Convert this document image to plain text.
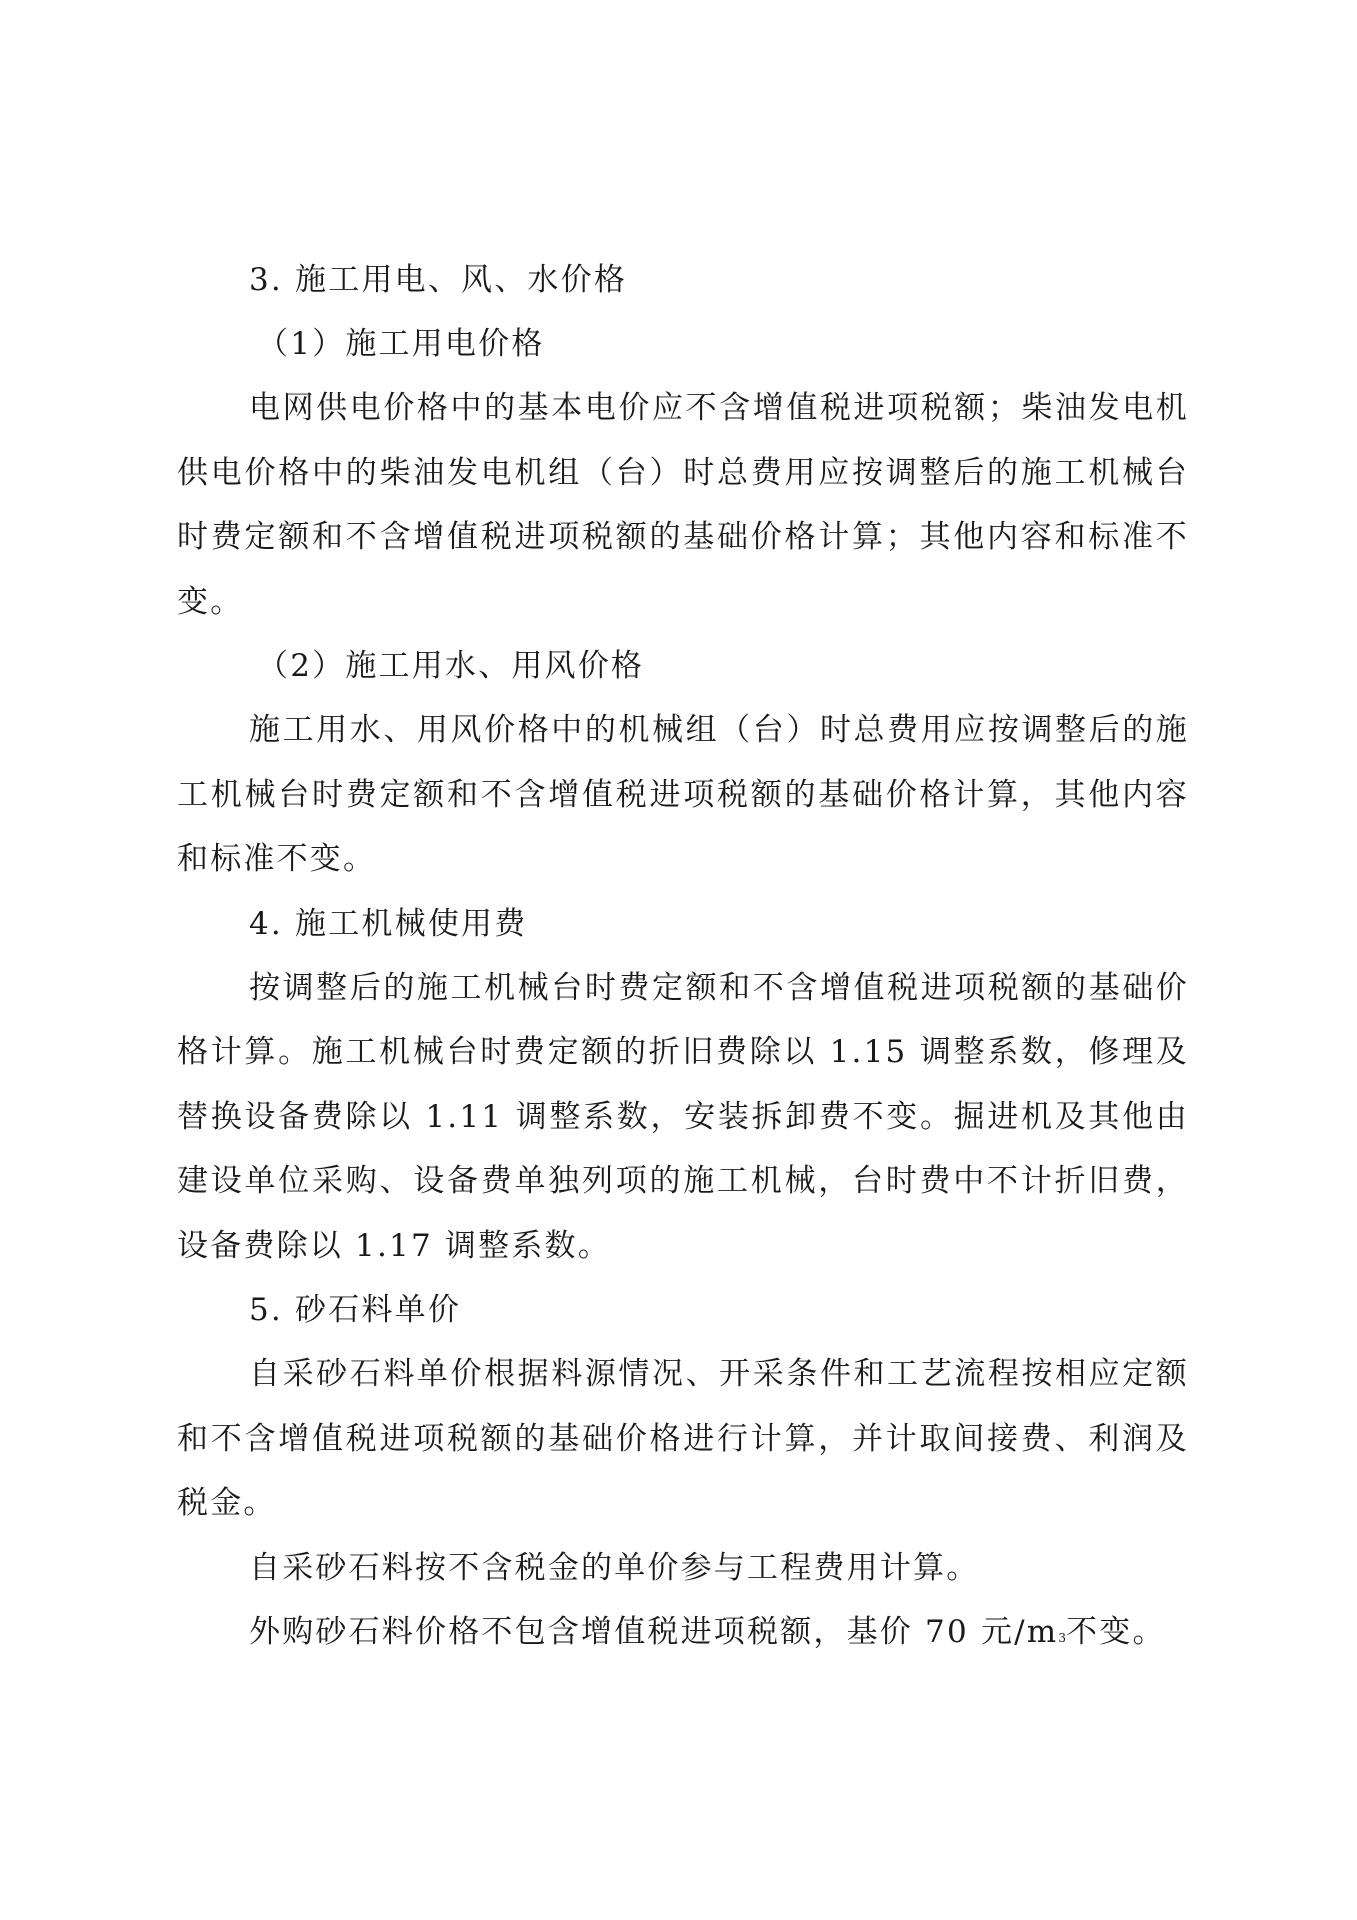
3. 施工用电、风、水价格
（1）施工用电价格
电网供电价格中的基本电价应不含增值税进项税额；柴油发电机供电价格中的柴油发电机组（台）时总费用应按调整后的施工机械台时费定额和不含增值税进项税额的基础价格计算；其他内容和标准不变。
（2）施工用水、用风价格
施工用水、用风价格中的机械组（台）时总费用应按调整后的施工机械台时费定额和不含增值税进项税额的基础价格计算，其他内容和标准不变。
4. 施工机械使用费
按调整后的施工机械台时费定额和不含增值税进项税额的基础价格计算。施工机械台时费定额的折旧费除以 1.15 调整系数，修理及替换设备费除以 1.11 调整系数，安装拆卸费不变。掘进机及其他由建设单位采购、设备费单独列项的施工机械，台时费中不计折旧费，设备费除以 1.17 调整系数。
5. 砂石料单价
自采砂石料单价根据料源情况、开采条件和工艺流程按相应定额和不含增值税进项税额的基础价格进行计算，并计取间接费、利润及税金。
自采砂石料按不含税金的单价参与工程费用计算。
外购砂石料价格不包含增值税进项税额，基价 70 元$/m^3$不变。
